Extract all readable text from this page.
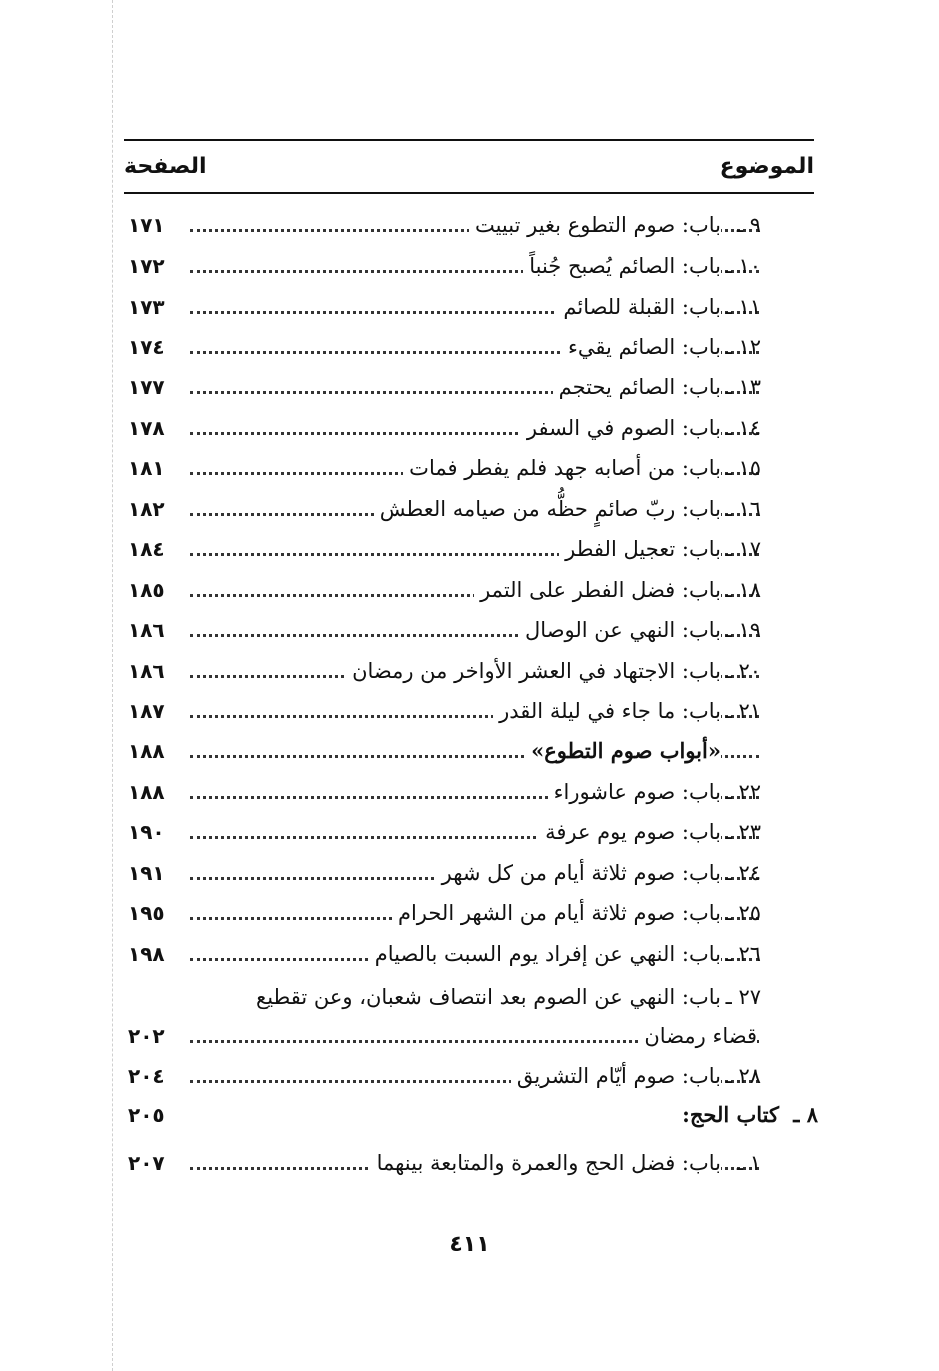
الموضوع
الصفحة
٩ ـ
باب: صوم التطوع بغير تبييت
١٧١
١٠ ـ
باب: الصائم يُصبح جُنباً
١٧٢
١١ ـ
باب: القبلة للصائم
١٧٣
١٢ ـ
باب: الصائم يقيء
١٧٤
١٣ ـ
باب: الصائم يحتجم
١٧٧
١٤ ـ
باب: الصوم في السفر
١٧٨
١٥ ـ
باب: من أصابه جهد فلم يفطر فمات
١٨١
١٦ ـ
باب: ربّ صائمٍ حظُّه من صيامه العطش
١٨٢
١٧ ـ
باب: تعجيل الفطر
١٨٤
١٨ ـ
باب: فضل الفطر على التمر
١٨٥
١٩ ـ
باب: النهي عن الوصال
١٨٦
٢٠ ـ
باب: الاجتهاد في العشر الأواخر من رمضان
١٨٦
٢١ ـ
باب: ما جاء في ليلة القدر
١٨٧
«أبواب صوم التطوع»
١٨٨
٢٢ ـ
باب: صوم عاشوراء
١٨٨
٢٣ ـ
باب: صوم يوم عرفة
١٩٠
٢٤ ـ
باب: صوم ثلاثة أيام من كل شهر
١٩١
٢٥ ـ
باب: صوم ثلاثة أيام من الشهر الحرام
١٩٥
٢٦ ـ
باب: النهي عن إفراد يوم السبت بالصيام
١٩٨
٢٧ ـ
باب: النهي عن الصوم بعد انتصاف شعبان، وعن تقطيع
قضاء رمضان
٢٠٢
٢٨ ـ
باب: صوم أيّام التشريق
٢٠٤
٨ ـ
كتاب الحج:
٢٠٥
١ ـ
باب: فضل الحج والعمرة والمتابعة بينهما
٢٠٧
٤١١
